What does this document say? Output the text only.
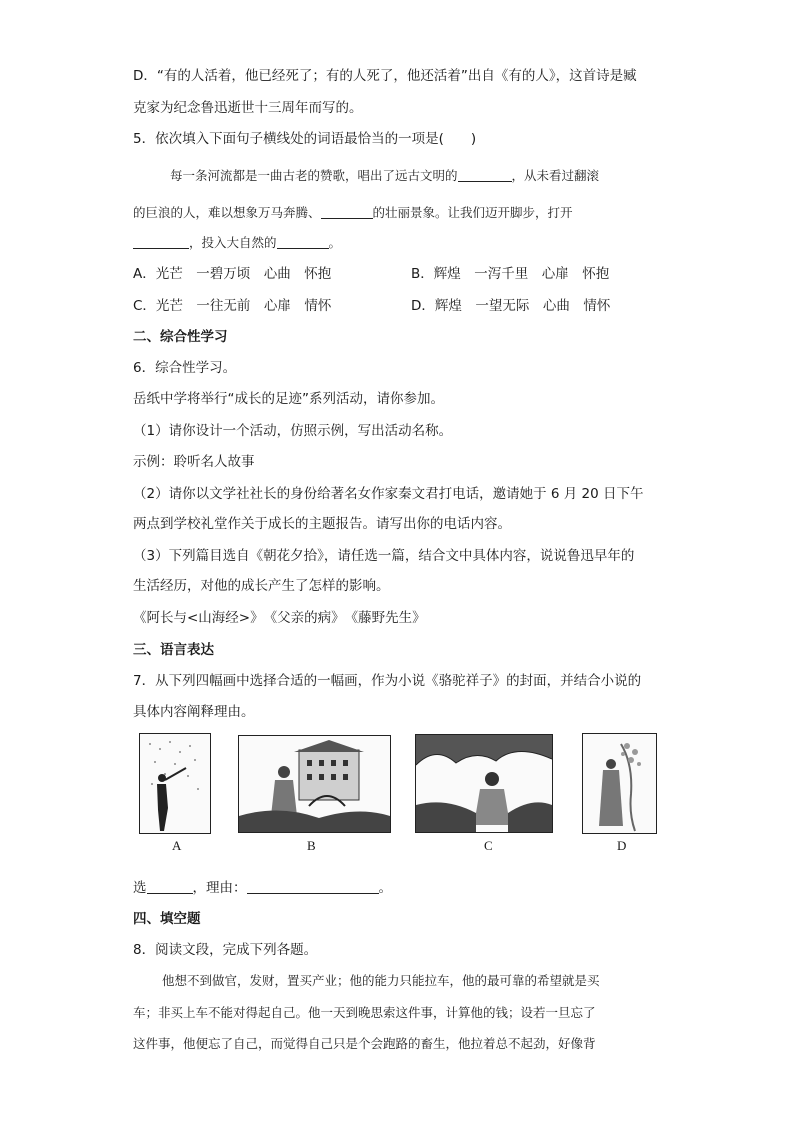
D．“有的人活着，他已经死了；有的人死了，他还活着”出自《有的人》，这首诗是臧
克家为纪念鲁迅逝世十三周年而写的。
5．依次填入下面句子横线处的词语最恰当的一项是(　　)
每一条河流都是一曲古老的赞歌，唱出了远古文明的	，从未看过翻滚
的巨浪的人，难以想象万马奔腾、	的壮丽景象。让我们迈开脚步，打开
，投入大自然的	。
A．光芒　一碧万顷　心曲　怀抱	B．辉煌　一泻千里　心扉　怀抱
C．光芒　一往无前　心扉　情怀	D．辉煌　一望无际　心曲　情怀
二、综合性学习
6．综合性学习。
岳纸中学将举行“成长的足迹”系列活动，请你参加。
（1）请你设计一个活动，仿照示例，写出活动名称。
示例：聆听名人故事
（2）请你以文学社社长的身份给著名女作家秦文君打电话，邀请她于 6 月 20 日下午
两点到学校礼堂作关于成长的主题报告。请写出你的电话内容。
（3）下列篇目选自《朝花夕拾》，请任选一篇，结合文中具体内容，说说鲁迅早年的
生活经历，对他的成长产生了怎样的影响。
《阿长与<山海经>》　《父亲的病》　《藤野先生》
三、语言表达
7．从下列四幅画中选择合适的一幅画，作为小说《骆驼祥子》的封面，并结合小说的
具体内容阐释理由。
A	B	C	D
选	，理由：	。
四、填空题
8．阅读文段，完成下列各题。
他想不到做官，发财，置买产业；他的能力只能拉车，他的最可靠的希望就是买
车；非买上车不能对得起自己。他一天到晚思索这件事，计算他的钱；设若一旦忘了
这件事，他便忘了自己，而觉得自己只是个会跑路的畜生，他拉着总不起劲，好像背
